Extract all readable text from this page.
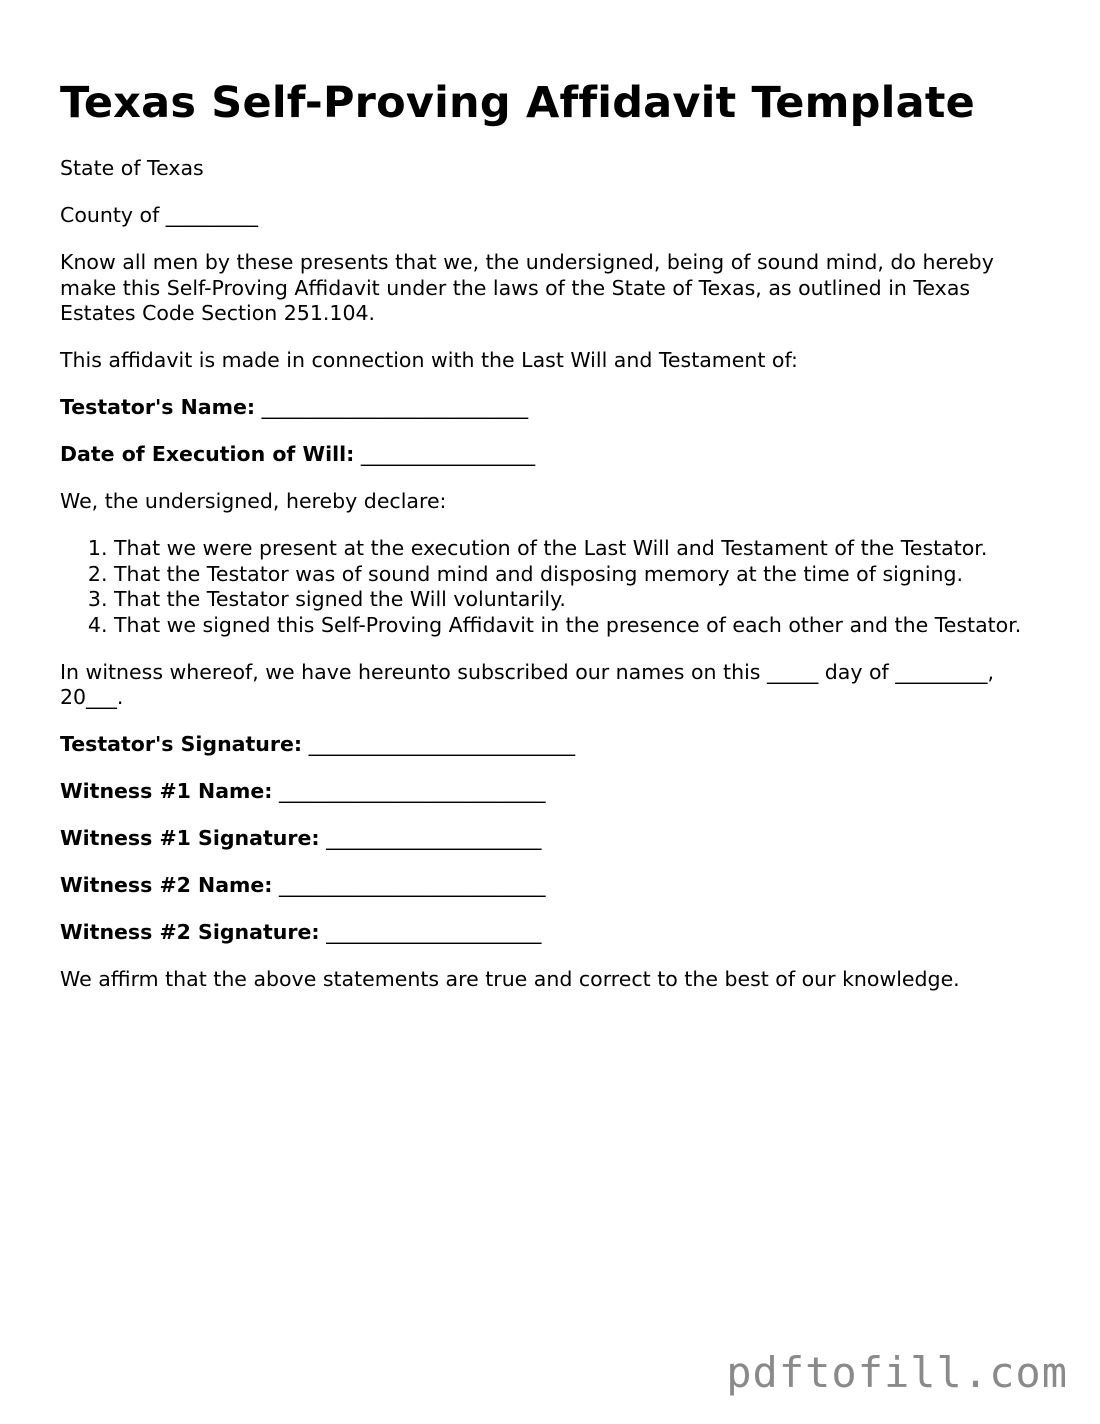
Texas Self-Proving Affidavit Template

State of Texas

County of _________

Know all men by these presents that we, the undersigned, being of sound mind, do hereby make this Self-Proving Affidavit under the laws of the State of Texas, as outlined in Texas Estates Code Section 251.104.

This affidavit is made in connection with the Last Will and Testament of:

Testator's Name: __________________________
Date of Execution of Will: _________________

We, the undersigned, hereby declare:

1. That we were present at the execution of the Last Will and Testament of the Testator.
2. That the Testator was of sound mind and disposing memory at the time of signing.
3. That the Testator signed the Will voluntarily.
4. That we signed this Self-Proving Affidavit in the presence of each other and the Testator.

In witness whereof, we have hereunto subscribed our names on this _____ day of _________, 20___.

Testator's Signature: __________________________
Witness #1 Name: __________________________
Witness #1 Signature: _____________________
Witness #2 Name: __________________________
Witness #2 Signature: _____________________

We affirm that the above statements are true and correct to the best of our knowledge.

pdftofill.com
